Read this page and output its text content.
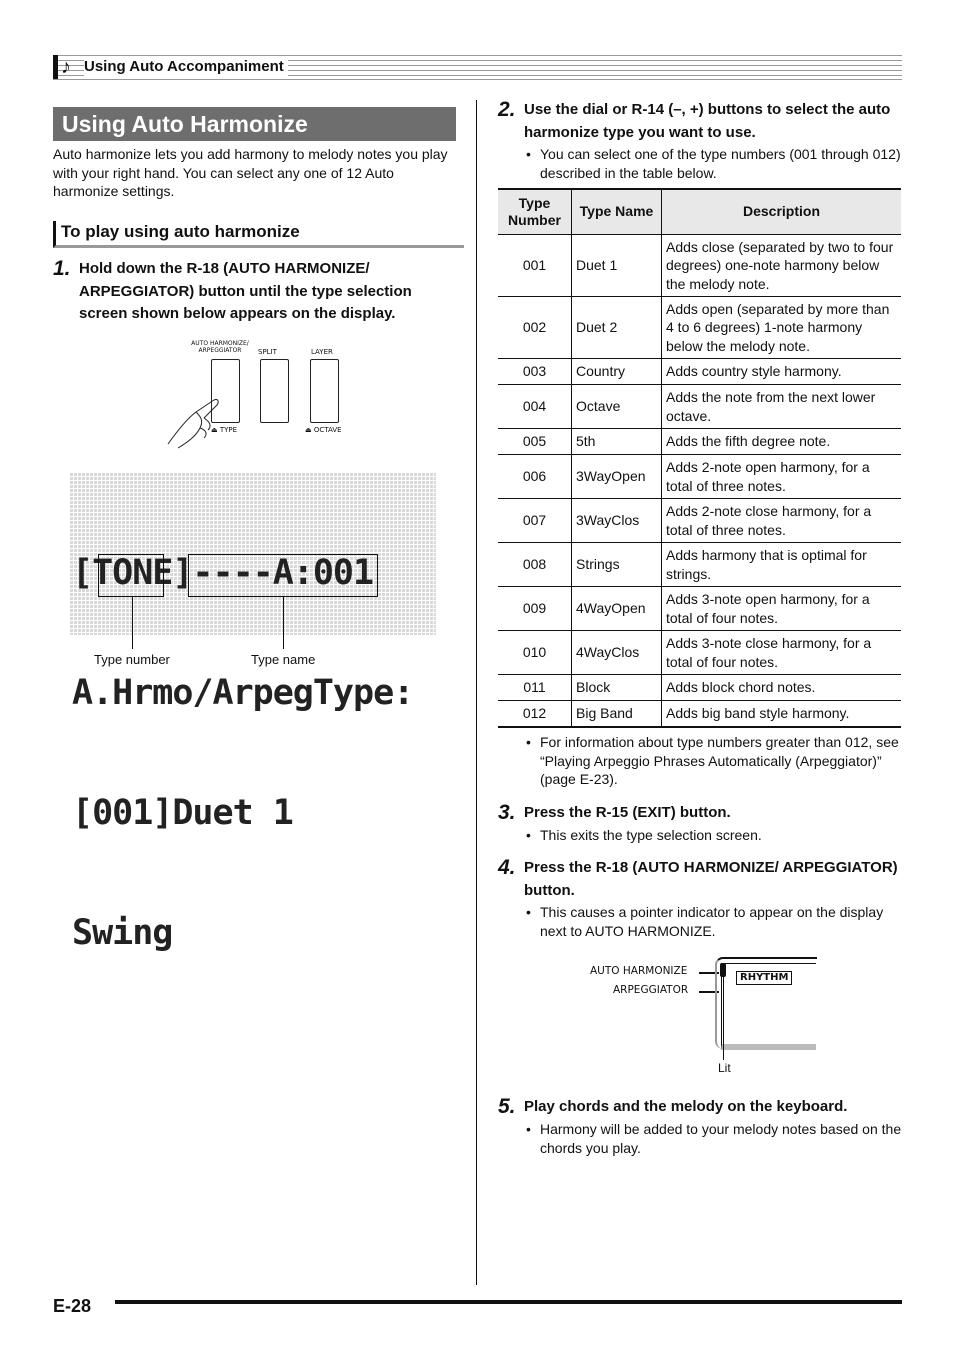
♪ Using Auto Accompaniment
Using Auto Harmonize
Auto harmonize lets you add harmony to melody notes you play with your right hand. You can select any one of 12 Auto harmonize settings.
To play using auto harmonize
1. Hold down the R-18 (AUTO HARMONIZE/ ARPEGGIATOR) button until the type selection screen shown below appears on the display.
AUTO HARMONIZE/
ARPEGGIATOR	SPLIT	LAYER
⏏ TYPE	⏏ OCTAVE

[TONE]----A:001

A.Hrmo/ArpegType:

[001]Duet 1

Swing

Type number	Type name
2. Use the dial or R-14 (–, +) buttons to select the auto harmonize type you want to use.
• You can select one of the type numbers (001 through 012) described in the table below.
Type Number	Type Name	Description
001	Duet 1	Adds close (separated by two to four degrees) one-note harmony below the melody note.
002	Duet 2	Adds open (separated by more than 4 to 6 degrees) 1-note harmony below the melody note.
003	Country	Adds country style harmony.
004	Octave	Adds the note from the next lower octave.
005	5th	Adds the fifth degree note.
006	3WayOpen	Adds 2-note open harmony, for a total of three notes.
007	3WayClos	Adds 2-note close harmony, for a total of three notes.
008	Strings	Adds harmony that is optimal for strings.
009	4WayOpen	Adds 3-note open harmony, for a total of four notes.
010	4WayClos	Adds 3-note close harmony, for a total of four notes.
011	Block	Adds block chord notes.
012	Big Band	Adds big band style harmony.
• For information about type numbers greater than 012, see “Playing Arpeggio Phrases Automatically (Arpeggiator)” (page E-23).
3. Press the R-15 (EXIT) button.
• This exits the type selection screen.
4. Press the R-18 (AUTO HARMONIZE/ ARPEGGIATOR) button.
• This causes a pointer indicator to appear on the display next to AUTO HARMONIZE.
AUTO HARMONIZE
ARPEGGIATOR
RHYTHM
Lit
5. Play chords and the melody on the keyboard.
• Harmony will be added to your melody notes based on the chords you play.
E-28
